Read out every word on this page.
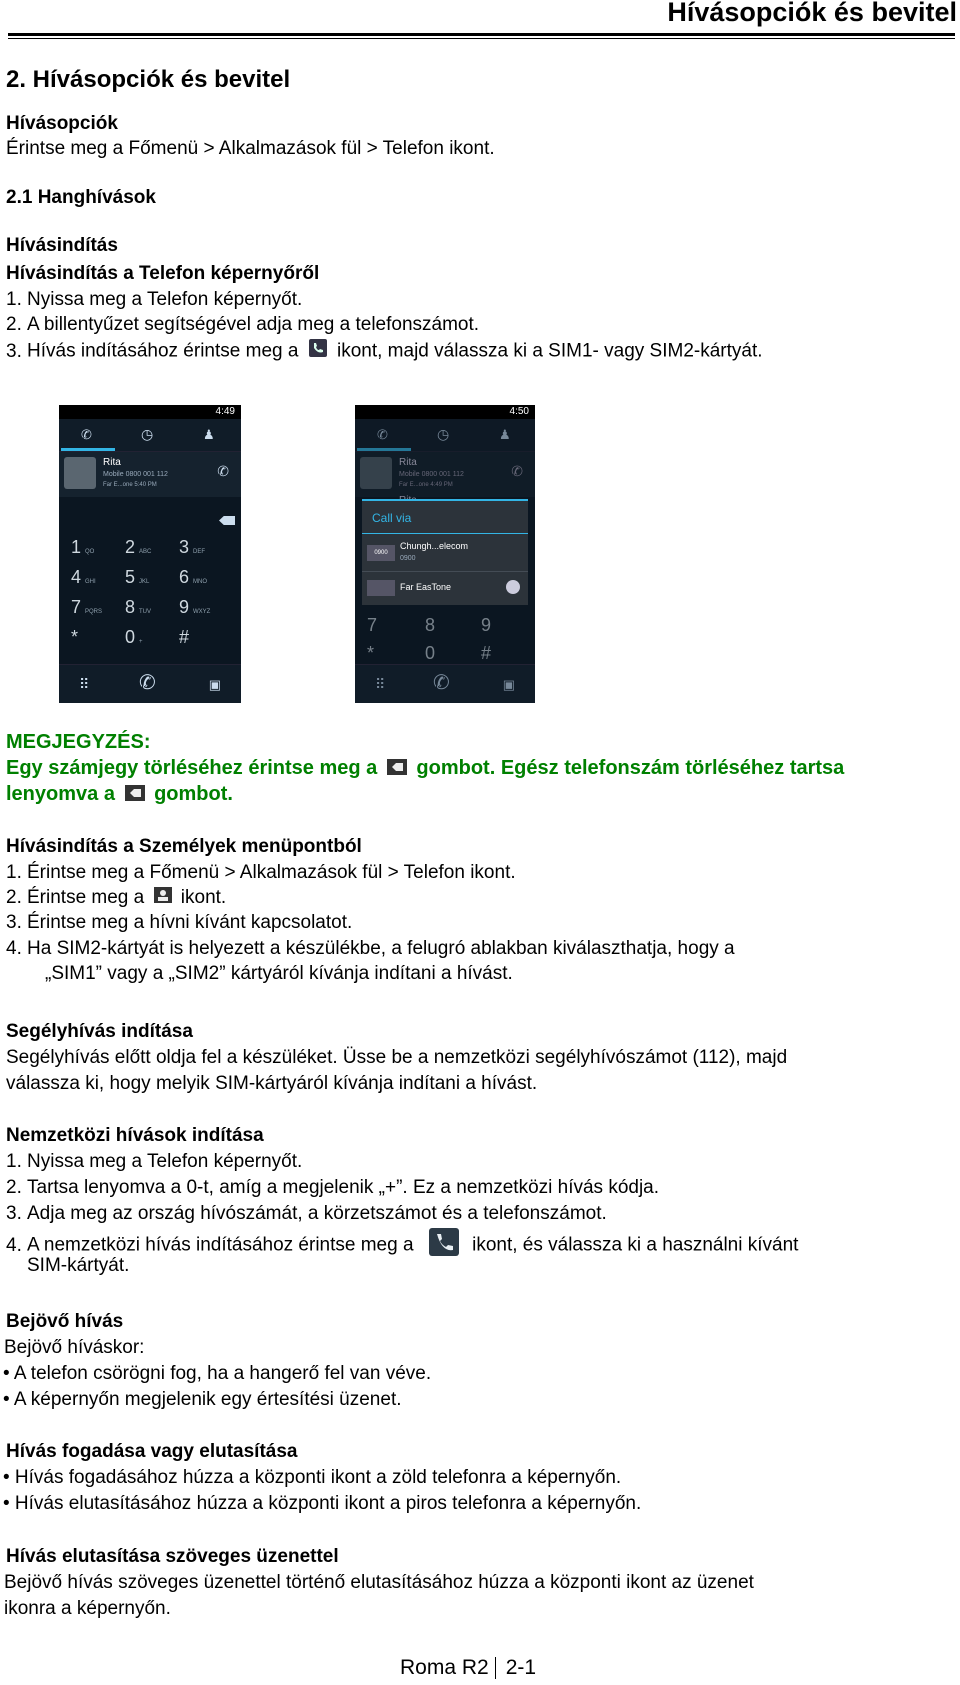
Hívásopciók és bevitel
2. Hívásopciók és bevitel
Hívásopciók
Érintse meg a Főmenü > Alkalmazások fül > Telefon ikont.
2.1 Hanghívások
Hívásindítás
Hívásindítás a Telefon képernyőről
1. Nyissa meg a Telefon képernyőt.
2. A billentyűzet segítségével adja meg a telefonszámot.
3. Hívás indításához érintse meg a ikont, majd válassza ki a SIM1- vagy SIM2-kártyát.
4:49
✆	◷	♟
Rita
Mobile 0800 001 112
Far E...one 5:40 PM
✆
⠿ ✆	▣
1 QO 2 ABC 3 DEF
4 GHI 5 JKL 6 MNO
7 PQRS 8 TUV 9 WXYZ
*	0 + #
4:50
✆	◷	♟
Rita
Mobile 0800 001 112
Far E...one 4:49 PM
✆
Call via
0900
Chungh...elecom
0900
Far EasTone
7	8	9
*	0	#
⠿ ✆	▣
MEGJEGYZÉS:
Egy számjegy törléséhez érintse meg a gombot. Egész telefonszám törléséhez tartsa
lenyomva a gombot.
Hívásindítás a Személyek menüpontból
1. Érintse meg a Főmenü > Alkalmazások fül > Telefon ikont.
2. Érintse meg a ikont.
3. Érintse meg a hívni kívánt kapcsolatot.
4. Ha SIM2-kártyát is helyezett a készülékbe, a felugró ablakban kiválaszthatja, hogy a
„SIM1” vagy a „SIM2” kártyáról kívánja indítani a hívást.
Segélyhívás indítása
Segélyhívás előtt oldja fel a készüléket. Üsse be a nemzetközi segélyhívószámot (112), majd
válassza ki, hogy melyik SIM-kártyáról kívánja indítani a hívást.
Nemzetközi hívások indítása
1. Nyissa meg a Telefon képernyőt.
2. Tartsa lenyomva a 0-t, amíg a megjelenik „+”. Ez a nemzetközi hívás kódja.
3. Adja meg az ország hívószámát, a körzetszámot és a telefonszámot.
4. A nemzetközi hívás indításához érintse meg a	ikont, és válassza ki a használni kívánt
SIM-kártyát.
Bejövő hívás
Bejövő híváskor:
• A telefon csörögni fog, ha a hangerő fel van véve.
• A képernyőn megjelenik egy értesítési üzenet.
Hívás fogadása vagy elutasítása
• Hívás fogadásához húzza a központi ikont a zöld telefonra a képernyőn.
• Hívás elutasításához húzza a központi ikont a piros telefonra a képernyőn.
Hívás elutasítása szöveges üzenettel
Bejövő hívás szöveges üzenettel történő elutasításához húzza a központi ikont az üzenet
ikonra a képernyőn.
Roma R2 2-1
